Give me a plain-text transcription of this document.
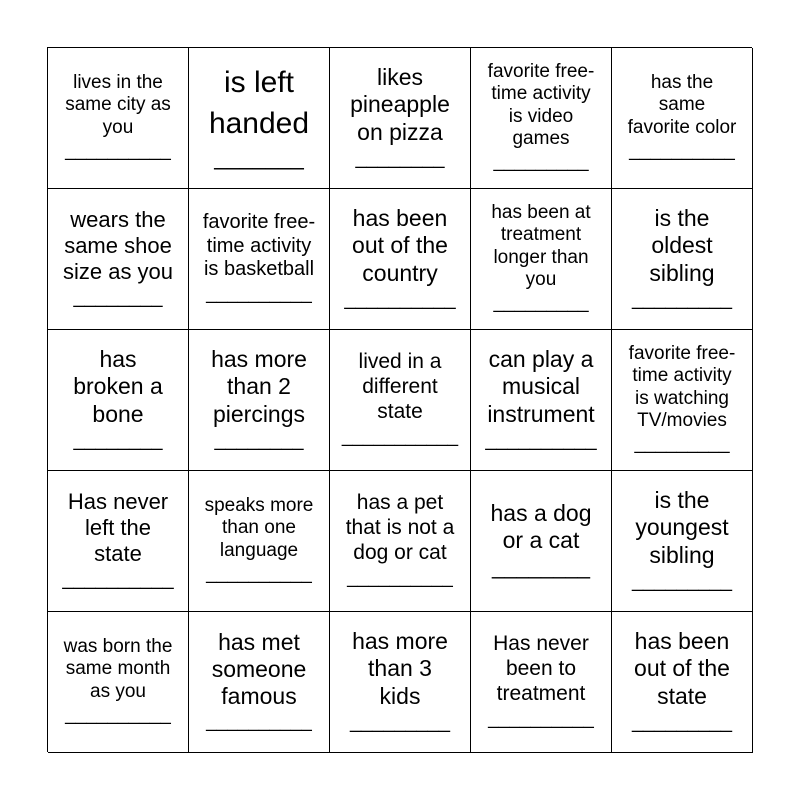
lives in the
same city as
you
__________
is left
handed
_______
likes
pineapple
on pizza
________
favorite free-
time activity
is video
games
_________
has the
same
favorite color
__________
wears the
same shoe
size as you
________
favorite free-
time activity
is basketball
__________
has been
out of the
country
__________
has been at
treatment
longer than
you
_________
is the
oldest
sibling
_________
has
broken a
bone
________
has more
than 2
piercings
________
lived in a
different
state
___________
can play a
musical
instrument
__________
favorite free-
time activity
is watching
TV/movies
_________
Has never
left the
state
__________
speaks more
than one
language
__________
has a pet
that is not a
dog or cat
__________
has a dog
or a cat
________
is the
youngest
sibling
_________
was born the
same month
as you
__________
has met
someone
famous
__________
has more
than 3
kids
_________
Has never
been to
treatment
__________
has been
out of the
state
_________
